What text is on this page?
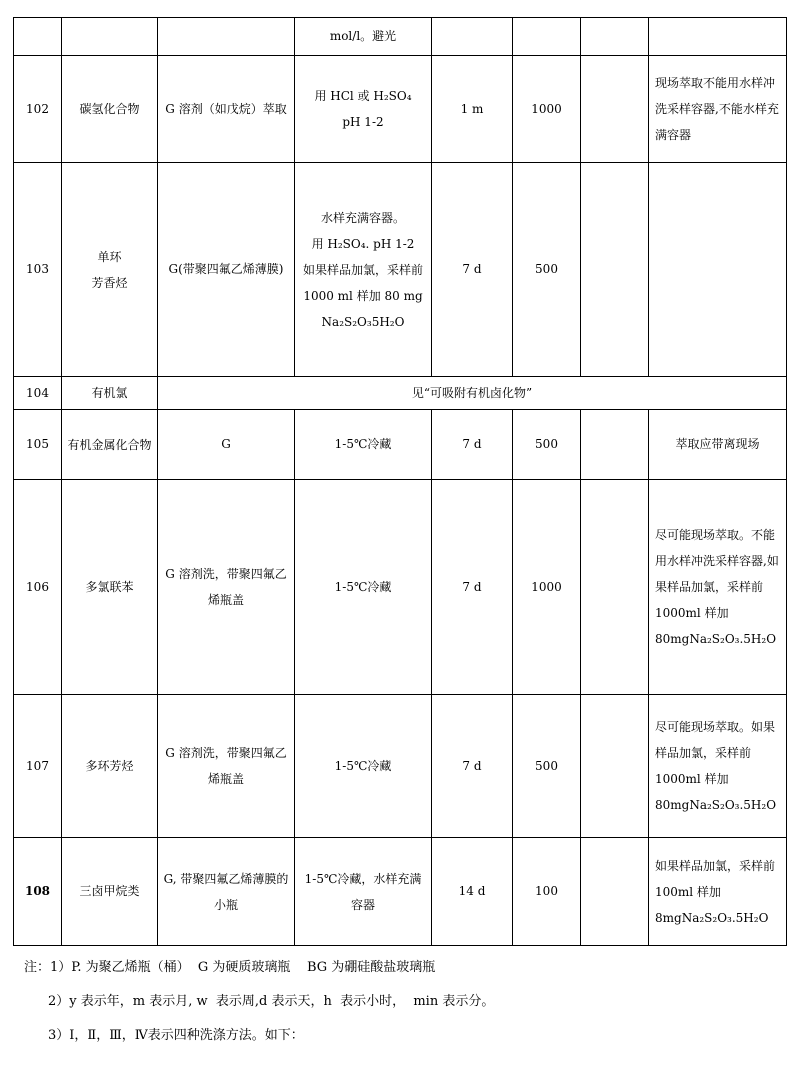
			mol/l。避光				
102	碳氢化合物	G 溶剂（如戊烷）萃取	用 HCl 或 H₂SO₄
pH 1-2	1 m	1000		现场萃取不能用水样冲洗采样容器,不能水样充满容器
103	单环
芳香烃	G(带聚四氟乙烯薄膜)	水样充满容器。
用 H₂SO₄. pH 1-2
如果样品加氯，采样前 1000 ml 样加 80 mg
Na₂S₂O₃5H₂O	7 d	500		
104	有机氯	见“可吸附有机卤化物”					
105	有机金属化合物	G	1-5℃冷藏	7 d	500		萃取应带离现场
106	多氯联苯	G 溶剂洗，带聚四氟乙烯瓶盖	1-5℃冷藏	7 d	1000		尽可能现场萃取。不能用水样冲洗采样容器,如果样品加氯，采样前 1000ml 样加80mgNa₂S₂O₃.5H₂O
107	多环芳烃	G 溶剂洗，带聚四氟乙烯瓶盖	1-5℃冷藏	7 d	500		尽可能现场萃取。如果样品加氯，采样前 1000ml 样加 80mgNa₂S₂O₃.5H₂O
108	三卤甲烷类	G, 带聚四氟乙烯薄膜的小瓶	1-5℃冷藏，水样充满容器	14 d	100		如果样品加氯，采样前 100ml 样加 8mgNa₂S₂O₃.5H₂O
注：1）P. 为聚乙烯瓶（桶）  G 为硬质玻璃瓶    BG 为硼硅酸盐玻璃瓶
2）y 表示年，m 表示月, w  表示周,d 表示天，h  表示小时，  min 表示分。
3）Ⅰ，Ⅱ，Ⅲ，Ⅳ表示四种洗涤方法。如下：
